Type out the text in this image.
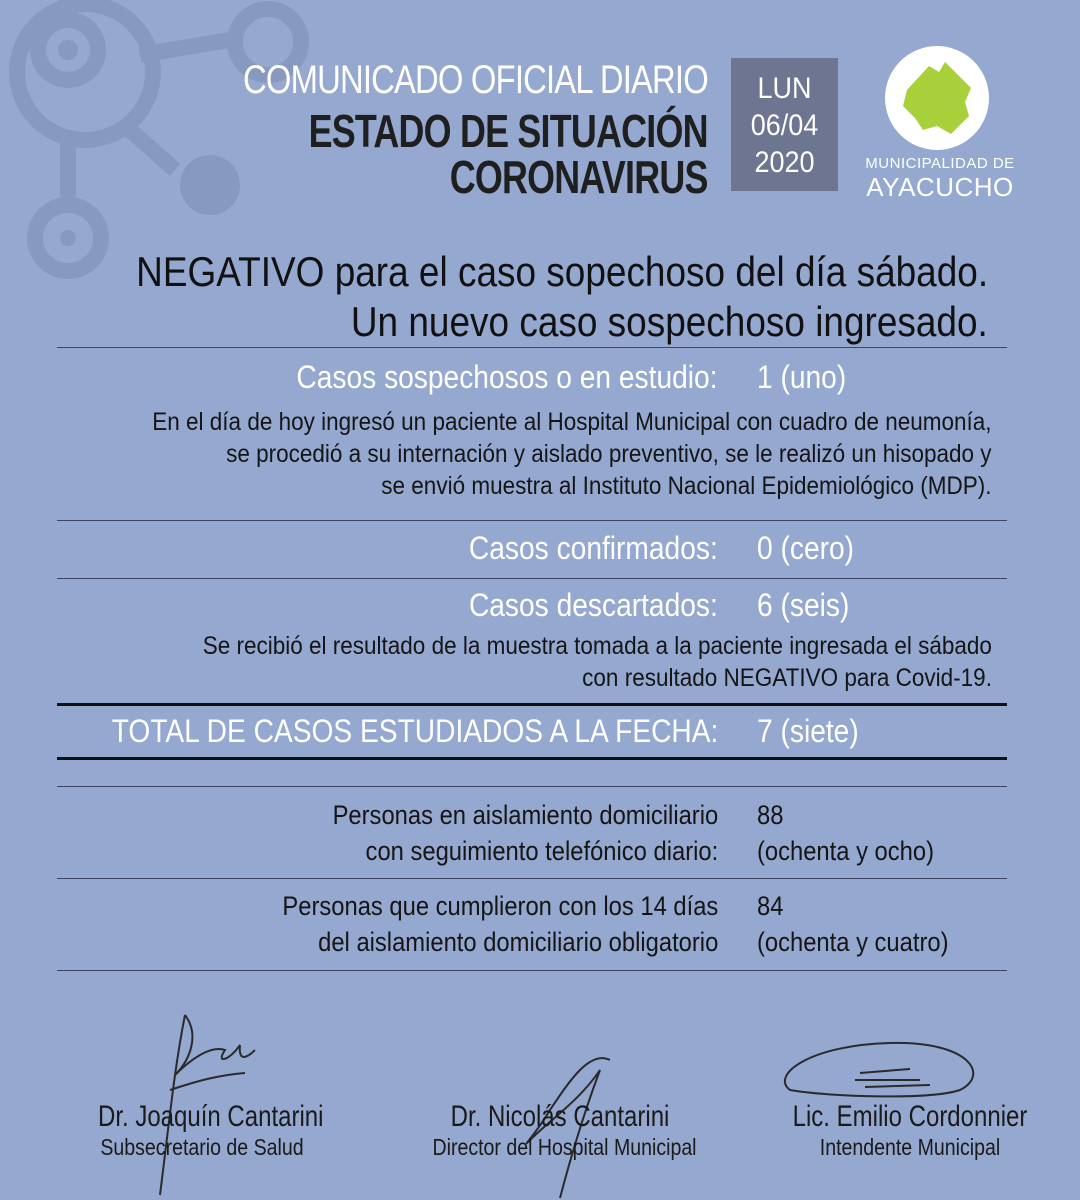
COMUNICADO OFICIAL DIARIO
ESTADO DE SITUACIÓN
CORONAVIRUS
LUN
06/04
2020	MUNICIPALIDAD DE
AYACUCHO
NEGATIVO para el caso sopechoso del día sábado.
Un nuevo caso sospechoso ingresado.
Casos sospechosos o en estudio: 1 (uno)
En el día de hoy ingresó un paciente al Hospital Municipal con cuadro de neumonía,
se procedió a su internación y aislado preventivo, se le realizó un hisopado y
se envió muestra al Instituto Nacional Epidemiológico (MDP).
Casos confirmados: 0 (cero)
Casos descartados: 6 (seis)
Se recibió el resultado de la muestra tomada a la paciente ingresada el sábado
con resultado NEGATIVO para Covid-19.
TOTAL DE CASOS ESTUDIADOS A LA FECHA: 7 (siete)
Personas en aislamiento domiciliario
con seguimiento telefónico diario:
88
(ochenta y ocho)
Personas que cumplieron con los 14 días
del aislamiento domiciliario obligatorio
84
(ochenta y cuatro)
Dr. Joaquín Cantarini
Subsecretario de Salud
Dr. Nicolás Cantarini
Director del Hospital Municipal
Lic. Emilio Cordonnier
Intendente Municipal
